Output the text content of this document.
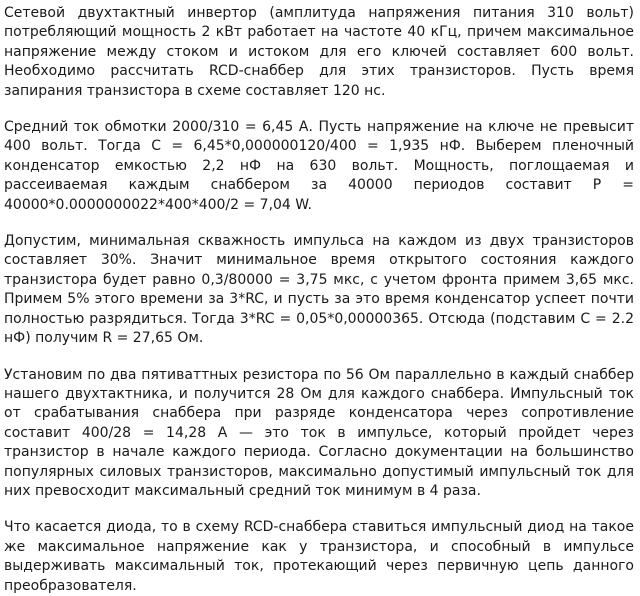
Сетевой двухтактный инвертор (амплитуда напряжения питания 310 вольт) потребляющий мощность 2 кВт работает на частоте 40 кГц, причем максимальное напряжение между стоком и истоком для его ключей составляет 600 вольт. Необходимо рассчитать RCD-снаббер для этих транзисторов. Пусть время запирания транзистора в схеме составляет 120 нс.

Средний ток обмотки 2000/310 = 6,45 А. Пусть напряжение на ключе не превысит 400 вольт. Тогда С = 6,45*0,000000120/400 = 1,935 нФ. Выберем пленочный конденсатор емкостью 2,2 нФ на 630 вольт. Мощность, поглощаемая и рассеиваемая каждым снаббером за 40000 периодов составит Р = 40000*0.0000000022*400*400/2 = 7,04 W.

Допустим, минимальная скважность импульса на каждом из двух транзисторов составляет 30%. Значит минимальное время открытого состояния каждого транзистора будет равно 0,3/80000 = 3,75 мкс, с учетом фронта примем 3,65 мкс. Примем 5% этого времени за 3*RC, и пусть за это время конденсатор успеет почти полностью разрядиться. Тогда 3*RC = 0,05*0,00000365. Отсюда (подставим С = 2.2 нФ) получим R = 27,65 Ом.

Установим по два пятиваттных резистора по 56 Ом параллельно в каждый снаббер нашего двухтактника, и получится 28 Ом для каждого снаббера. Импульсный ток от срабатывания снаббера при разряде конденсатора через сопротивление составит 400/28 = 14,28 А — это ток в импульсе, который пройдет через транзистор в начале каждого периода. Согласно документации на большинство популярных силовых транзисторов, максимально допустимый импульсный ток для них превосходит максимальный средний ток минимум в 4 раза.

Что касается диода, то в схему RCD-снаббера ставиться импульсный диод на такое же максимальное напряжение как у транзистора, и способный в импульсе выдерживать максимальный ток, протекающий через первичную цепь данного преобразователя.
